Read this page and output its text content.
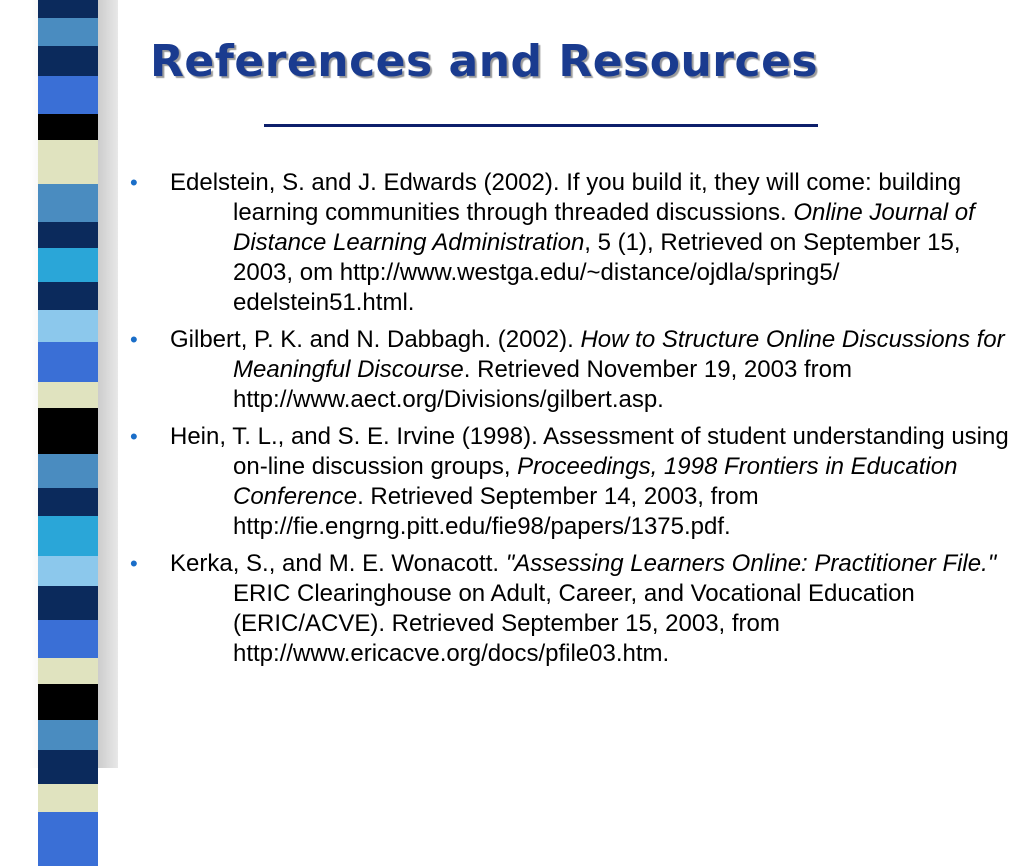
References and Resources
• Edelstein, S. and J. Edwards (2002). If you build it, they will come: building learning communities through threaded discussions. Online Journal of Distance Learning Administration, 5 (1), Retrieved on September 15, 2003, om http://www.westga.edu/~distance/ojdla/spring5/ edelstein51.html.
• Gilbert, P. K. and N. Dabbagh. (2002). How to Structure Online Discussions for Meaningful Discourse. Retrieved November 19, 2003 from http://www.aect.org/Divisions/gilbert.asp.
• Hein, T. L., and S. E. Irvine (1998). Assessment of student understanding using on-line discussion groups, Proceedings, 1998 Frontiers in Education Conference. Retrieved September 14, 2003, from http://fie.engrng.pitt.edu/fie98/papers/1375.pdf.
• Kerka, S., and M. E. Wonacott. "Assessing Learners Online: Practitioner File." ERIC Clearinghouse on Adult, Career, and Vocational Education (ERIC/ACVE). Retrieved September 15, 2003, from http://www.ericacve.org/docs/pfile03.htm.
